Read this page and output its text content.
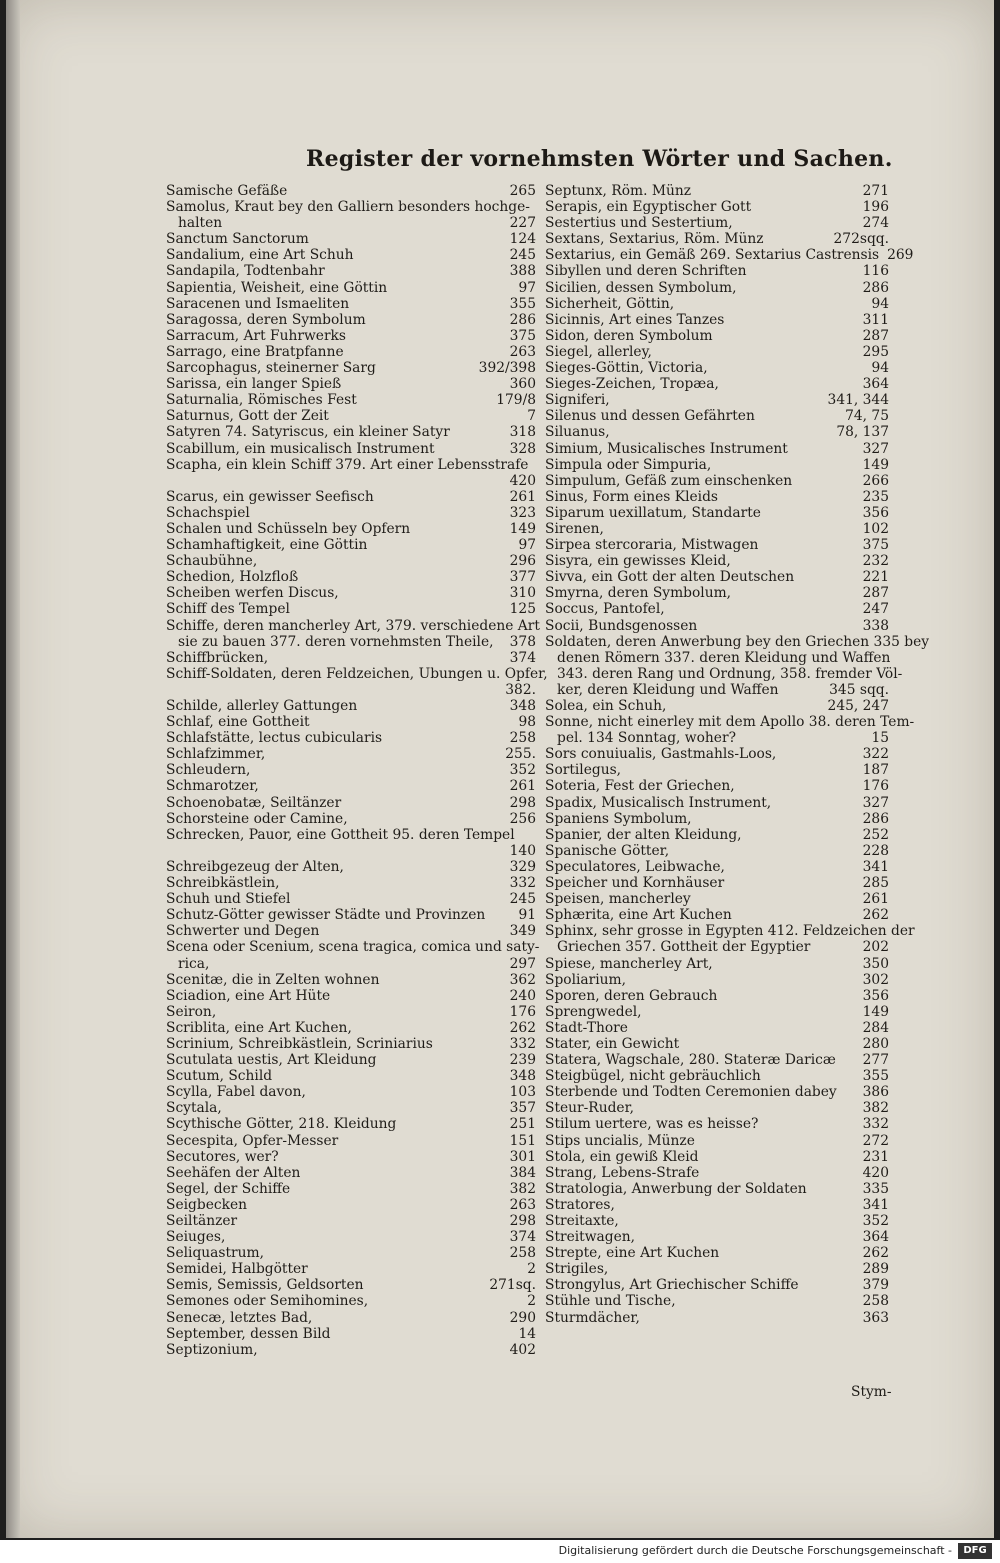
Register der vornehmsten Wörter und Sachen.
Samische Gefäße	265
Samolus, Kraut bey den Galliern besonders hochge-
halten	227
Sanctum Sanctorum	124
Sandalium, eine Art Schuh	245
Sandapila, Todtenbahr	388
Sapientia, Weisheit, eine Göttin	97
Saracenen und Ismaeliten	355
Saragossa, deren Symbolum	286
Sarracum, Art Fuhrwerks	375
Sarrago, eine Bratpfanne	263
Sarcophagus, steinerner Sarg	392/398
Sarissa, ein langer Spieß	360
Saturnalia, Römisches Fest	179/8
Saturnus, Gott der Zeit	7
Satyren 74. Satyriscus, ein kleiner Satyr	318
Scabillum, ein musicalisch Instrument	328
Scapha, ein klein Schiff 379. Art einer Lebensstrafe
420
Scarus, ein gewisser Seefisch	261
Schachspiel	323
Schalen und Schüsseln bey Opfern	149
Schamhaftigkeit, eine Göttin	97
Schaubühne,	296
Schedion, Holzfloß	377
Scheiben werfen Discus,	310
Schiff des Tempel	125
Schiffe, deren mancherley Art, 379. verschiedene Art
sie zu bauen 377. deren vornehmsten Theile,	378
Schiffbrücken,	374
Schiff-Soldaten, deren Feldzeichen, Ubungen u. Opfer,
382.
Schilde, allerley Gattungen	348
Schlaf, eine Gottheit	98
Schlafstätte, lectus cubicularis	258
Schlafzimmer,	255.
Schleudern,	352
Schmarotzer,	261
Schoenobatæ, Seiltänzer	298
Schorsteine oder Camine,	256
Schrecken, Pauor, eine Gottheit 95. deren Tempel
140
Schreibgezeug der Alten,	329
Schreibkästlein,	332
Schuh und Stiefel	245
Schutz-Götter gewisser Städte und Provinzen	91
Schwerter und Degen	349
Scena oder Scenium, scena tragica, comica und saty-
rica,	297
Scenitæ, die in Zelten wohnen	362
Sciadion, eine Art Hüte	240
Seiron,	176
Scriblita, eine Art Kuchen,	262
Scrinium, Schreibkästlein, Scriniarius	332
Scutulata uestis, Art Kleidung	239
Scutum, Schild	348
Scylla, Fabel davon,	103
Scytala,	357
Scythische Götter, 218. Kleidung	251
Secespita, Opfer-Messer	151
Secutores, wer?	301
Seehäfen der Alten	384
Segel, der Schiffe	382
Seigbecken	263
Seiltänzer	298
Seiuges,	374
Seliquastrum,	258
Semidei, Halbgötter	2
Semis, Semissis, Geldsorten	271sq.
Semones oder Semihomines,	2
Senecæ, letztes Bad,	290
September, dessen Bild	14
Septizonium,	402
Septunx, Röm. Münz	271
Serapis, ein Egyptischer Gott	196
Sestertius und Sestertium,	274
Sextans, Sextarius, Röm. Münz	272sqq.
Sextarius, ein Gemäß 269. Sextarius Castrensis 269
Sibyllen und deren Schriften	116
Sicilien, dessen Symbolum,	286
Sicherheit, Göttin,	94
Sicinnis, Art eines Tanzes	311
Sidon, deren Symbolum	287
Siegel, allerley,	295
Sieges-Göttin, Victoria,	94
Sieges-Zeichen, Tropæa,	364
Signiferi,	341, 344
Silenus und dessen Gefährten	74, 75
Siluanus,	78, 137
Simium, Musicalisches Instrument	327
Simpula oder Simpuria,	149
Simpulum, Gefäß zum einschenken	266
Sinus, Form eines Kleids	235
Siparum uexillatum, Standarte	356
Sirenen,	102
Sirpea stercoraria, Mistwagen	375
Sisyra, ein gewisses Kleid,	232
Sivva, ein Gott der alten Deutschen	221
Smyrna, deren Symbolum,	287
Soccus, Pantofel,	247
Socii, Bundsgenossen	338
Soldaten, deren Anwerbung bey den Griechen 335 bey
denen Römern 337. deren Kleidung und Waffen
343. deren Rang und Ordnung, 358. fremder Völ-
ker, deren Kleidung und Waffen	345 sqq.
Solea, ein Schuh,	245, 247
Sonne, nicht einerley mit dem Apollo 38. deren Tem-
pel. 134 Sonntag, woher?	15
Sors conuiualis, Gastmahls-Loos,	322
Sortilegus,	187
Soteria, Fest der Griechen,	176
Spadix, Musicalisch Instrument,	327
Spaniens Symbolum,	286
Spanier, der alten Kleidung,	252
Spanische Götter,	228
Speculatores, Leibwache,	341
Speicher und Kornhäuser	285
Speisen, mancherley	261
Sphærita, eine Art Kuchen	262
Sphinx, sehr grosse in Egypten 412. Feldzeichen der
Griechen 357. Gottheit der Egyptier	202
Spiese, mancherley Art,	350
Spoliarium,	302
Sporen, deren Gebrauch	356
Sprengwedel,	149
Stadt-Thore	284
Stater, ein Gewicht	280
Statera, Wagschale, 280. Stateræ Daricæ	277
Steigbügel, nicht gebräuchlich	355
Sterbende und Todten Ceremonien dabey	386
Steur-Ruder,	382
Stilum uertere, was es heisse?	332
Stips uncialis, Münze	272
Stola, ein gewiß Kleid	231
Strang, Lebens-Strafe	420
Stratologia, Anwerbung der Soldaten	335
Stratores,	341
Streitaxte,	352
Streitwagen,	364
Strepte, eine Art Kuchen	262
Strigiles,	289
Strongylus, Art Griechischer Schiffe	379
Stühle und Tische,	258
Sturmdächer,	363
Stym-
Digitalisierung gefördert durch die Deutsche Forschungsgemeinschaft -	DFG
